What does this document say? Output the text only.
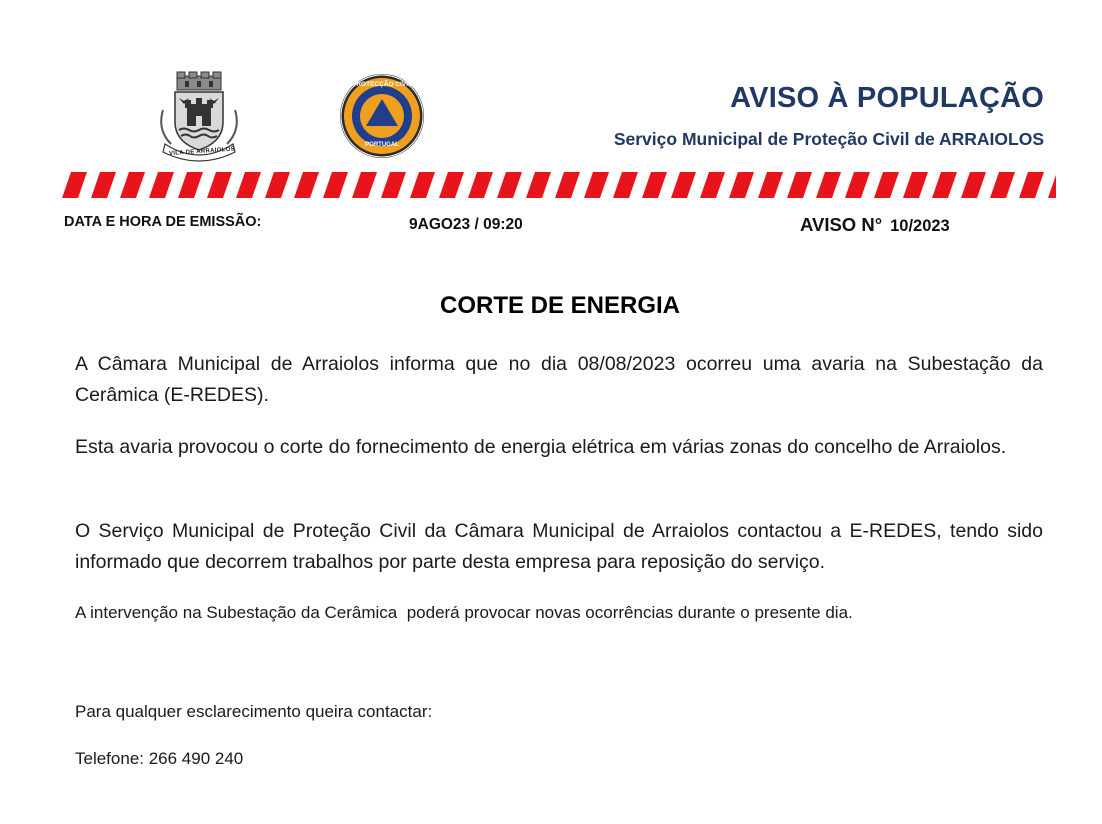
VILA DE ARRAIOLOS
PROTECÇÃO CIVIL
PORTUGAL
AVISO À POPULAÇÃO
Serviço Municipal de Proteção Civil de ARRAIOLOS
DATA E HORA DE EMISSÃO:	9AGO23 / 09:20	AVISO N° 10/2023
CORTE DE ENERGIA
A Câmara Municipal de Arraiolos informa que no dia 08/08/2023 ocorreu uma avaria na Subestação da Cerâmica (E-REDES).
Esta avaria provocou o corte do fornecimento de energia elétrica em várias zonas do concelho de Arraiolos.
O Serviço Municipal de Proteção Civil da Câmara Municipal de Arraiolos contactou a E-REDES, tendo sido informado que decorrem trabalhos por parte desta empresa para reposição do serviço.
A intervenção na Subestação da Cerâmica  poderá provocar novas ocorrências durante o presente dia.
Para qualquer esclarecimento queira contactar:
Telefone: 266 490 240
